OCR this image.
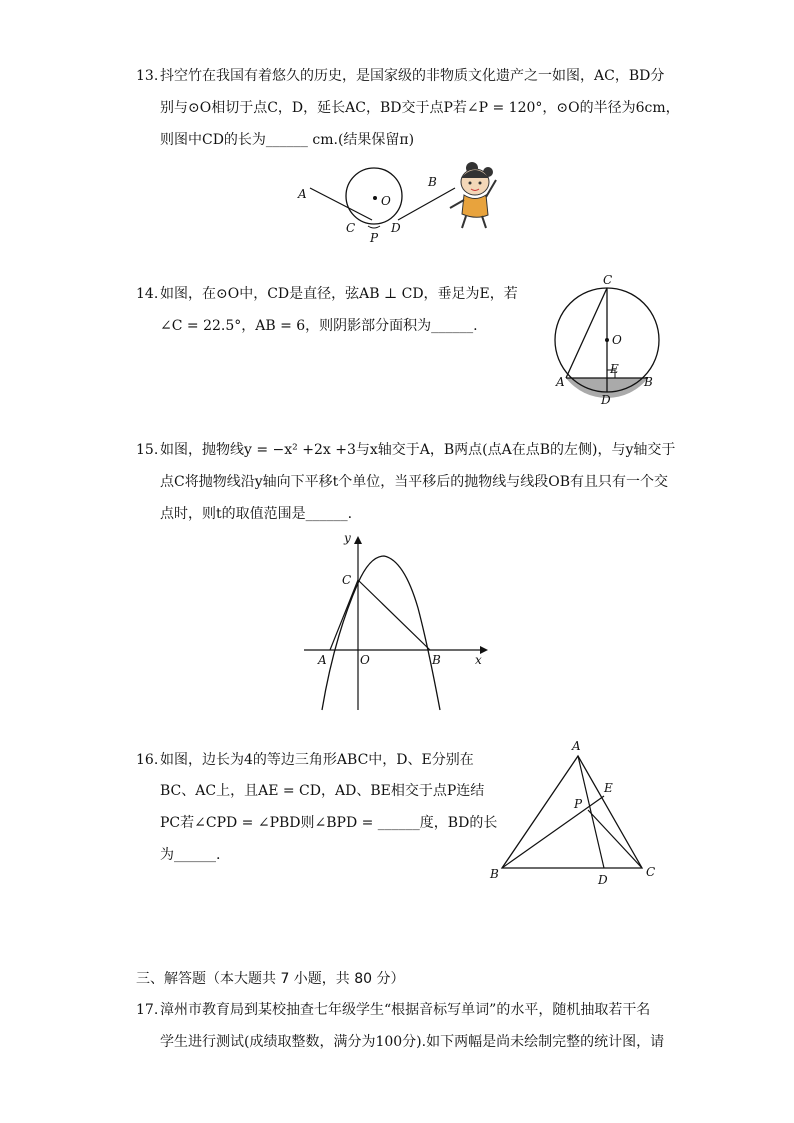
13. 抖空竹在我国有着悠久的历史，是国家级的非物质文化遗产之一如图，AC，BD分
别与⊙O相切于点C，D，延长AC，BD交于点P若∠P = 120°，⊙O的半径为6cm，
则图中CD的长为______ cm.(结果保留π)
A
B
C	D
O
P
14. 如图，在⊙O中，CD是直径，弦AB ⊥ CD，垂足为E，若
∠C = 22.5°，AB = 6，则阴影部分面积为______.
C
O
E
A	B
D
15. 如图，抛物线y = −x² +2x +3与x轴交于A，B两点(点A在点B的左侧)，与y轴交于
点C将抛物线沿y轴向下平移t个单位，当平移后的抛物线与线段OB有且只有一个交
点时，则t的取值范围是______.
y
C
A	O	B	x
16. 如图，边长为4的等边三角形ABC中，D、E分别在
BC、AC上，且AE = CD，AD、BE相交于点P连结
PC若∠CPD = ∠PBD则∠BPD = ______度，BD的长
为______.
A
E
P
B	D
C
三、解答题（本大题共 7 小题，共 80 分）
17. 漳州市教育局到某校抽查七年级学生“根据音标写单词”的水平，随机抽取若干名
学生进行测试(成绩取整数，满分为100分).如下两幅是尚未绘制完整的统计图，请
